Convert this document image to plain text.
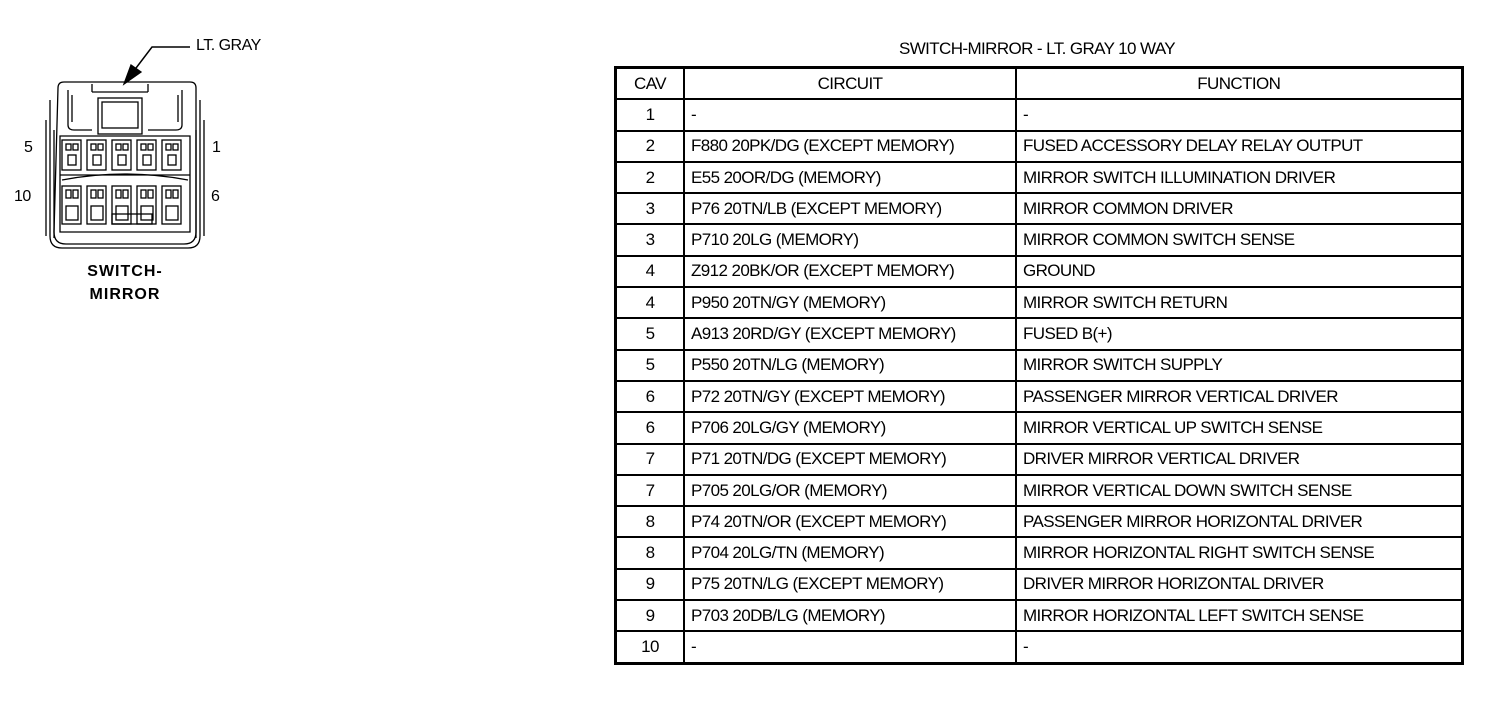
LT. GRAY
5	1
10	6
SWITCH-
MIRROR
SWITCH-MIRROR - LT. GRAY 10 WAY
CAV	CIRCUIT	FUNCTION
1	-	-
2	F880 20PK/DG (EXCEPT MEMORY)	FUSED ACCESSORY DELAY RELAY OUTPUT
2	E55 20OR/DG (MEMORY)	MIRROR SWITCH ILLUMINATION DRIVER
3	P76 20TN/LB (EXCEPT MEMORY)	MIRROR COMMON DRIVER
3	P710 20LG (MEMORY)	MIRROR COMMON SWITCH SENSE
4	Z912 20BK/OR (EXCEPT MEMORY)	GROUND
4	P950 20TN/GY (MEMORY)	MIRROR SWITCH RETURN
5	A913 20RD/GY (EXCEPT MEMORY)	FUSED B(+)
5	P550 20TN/LG (MEMORY)	MIRROR SWITCH SUPPLY
6	P72 20TN/GY (EXCEPT MEMORY)	PASSENGER MIRROR VERTICAL DRIVER
6	P706 20LG/GY (MEMORY)	MIRROR VERTICAL UP SWITCH SENSE
7	P71 20TN/DG (EXCEPT MEMORY)	DRIVER MIRROR VERTICAL DRIVER
7	P705 20LG/OR (MEMORY)	MIRROR VERTICAL DOWN SWITCH SENSE
8	P74 20TN/OR (EXCEPT MEMORY)	PASSENGER MIRROR HORIZONTAL DRIVER
8	P704 20LG/TN (MEMORY)	MIRROR HORIZONTAL RIGHT SWITCH SENSE
9	P75 20TN/LG (EXCEPT MEMORY)	DRIVER MIRROR HORIZONTAL DRIVER
9	P703 20DB/LG (MEMORY)	MIRROR HORIZONTAL LEFT SWITCH SENSE
10	-	-
